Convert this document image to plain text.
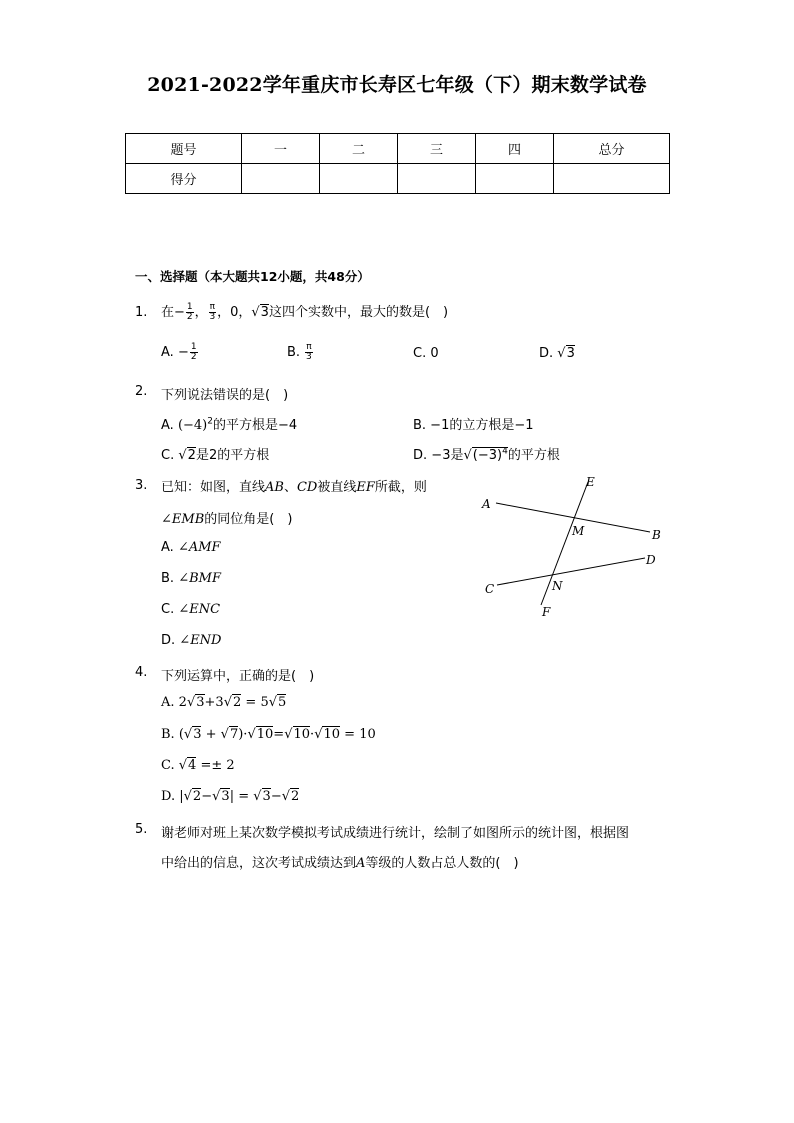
2021-2022学年重庆市长寿区七年级（下）期末数学试卷
题号	一	二	三	四	总分
得分					
一、选择题（本大题共12小题，共48分）
1. 在− $\frac{1}{2}$ ， $\frac{\pi}{3}$ ，0，√3这四个实数中，最大的数是(　)
A. − $\frac{1}{2}$	B. $\frac{\pi}{3}$	C. 0	D. √3
2. 下列说法错误的是(　)
A. $(-4)^2$的平方根是−4	B. −1的立方根是−1
C. √2是2的平方根	D. −3是$√(-3)^4$的平方根
3. 已知：如图，直线AB、CD被直线EF所截，则
∠EMB的同位角是(　)
A. ∠AMF
B. ∠BMF
C. ∠ENC
D. ∠END
A
B
C
D
E
F
M
N
4. 下列运算中，正确的是(　)
A. 2√3+3√2 = 5√5
B. (√3 + √7)·√10=√10·√10 = 10
C. √4 =± 2
D. |√2−√3| = √3−√2
5. 谢老师对班上某次数学模拟考试成绩进行统计，绘制了如图所示的统计图，根据图
中给出的信息，这次考试成绩达到A等级的人数占总人数的(　)
